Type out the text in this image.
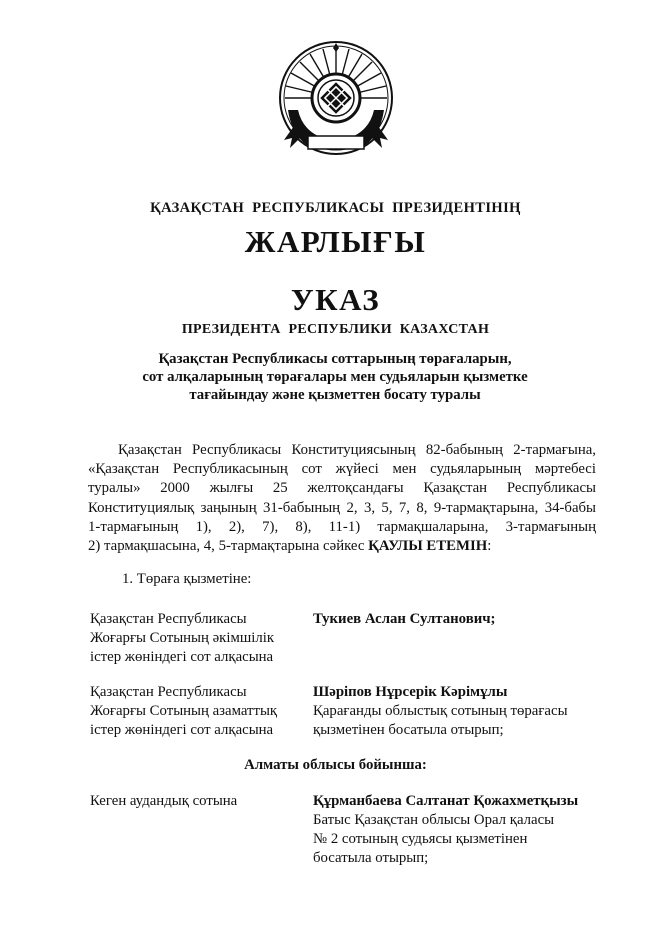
ҚАЗАҚСТАН РЕСПУБЛИКАСЫ ПРЕЗИДЕНТІНІҢ
ЖАРЛЫҒЫ
УКАЗ
ПРЕЗИДЕНТА РЕСПУБЛИКИ КАЗАХСТАН
Қазақстан Республикасы соттарының төрағаларын,
сот алқаларының төрағалары мен судьяларын қызметке
тағайындау және қызметтен босату туралы
Қазақстан Республикасы Конституциясының 82-бабының 2-тармағына,
«Қазақстан Республикасының сот жүйесі мен судьяларының мәртебесі
туралы» 2000 жылғы 25 желтоқсандағы Қазақстан Республикасы
Конституциялық заңының 31-бабының 2, 3, 5, 7, 8, 9-тармақтарына, 34-бабы
1-тармағының 1), 2), 7), 8), 11-1) тармақшаларына, 3-тармағының
2) тармақшасына, 4, 5-тармақтарына сәйкес ҚАУЛЫ ЕТЕМІН:
1. Төраға қызметіне:
Қазақстан Республикасы
Жоғарғы Сотының әкімшілік
істер жөніндегі сот алқасына
Тукиев Аслан Султанович;
Қазақстан Республикасы
Жоғарғы Сотының азаматтық
істер жөніндегі сот алқасына
Шәріпов Нұрсерік Кәрімұлы
Қарағанды облыстық сотының төрағасы
қызметінен босатыла отырып;
Алматы облысы бойынша:
Кеген аудандық сотына	Құрманбаева Салтанат Қожахметқызы
Батыс Қазақстан облысы Орал қаласы
№ 2 сотының судьясы қызметінен
босатыла отырып;
